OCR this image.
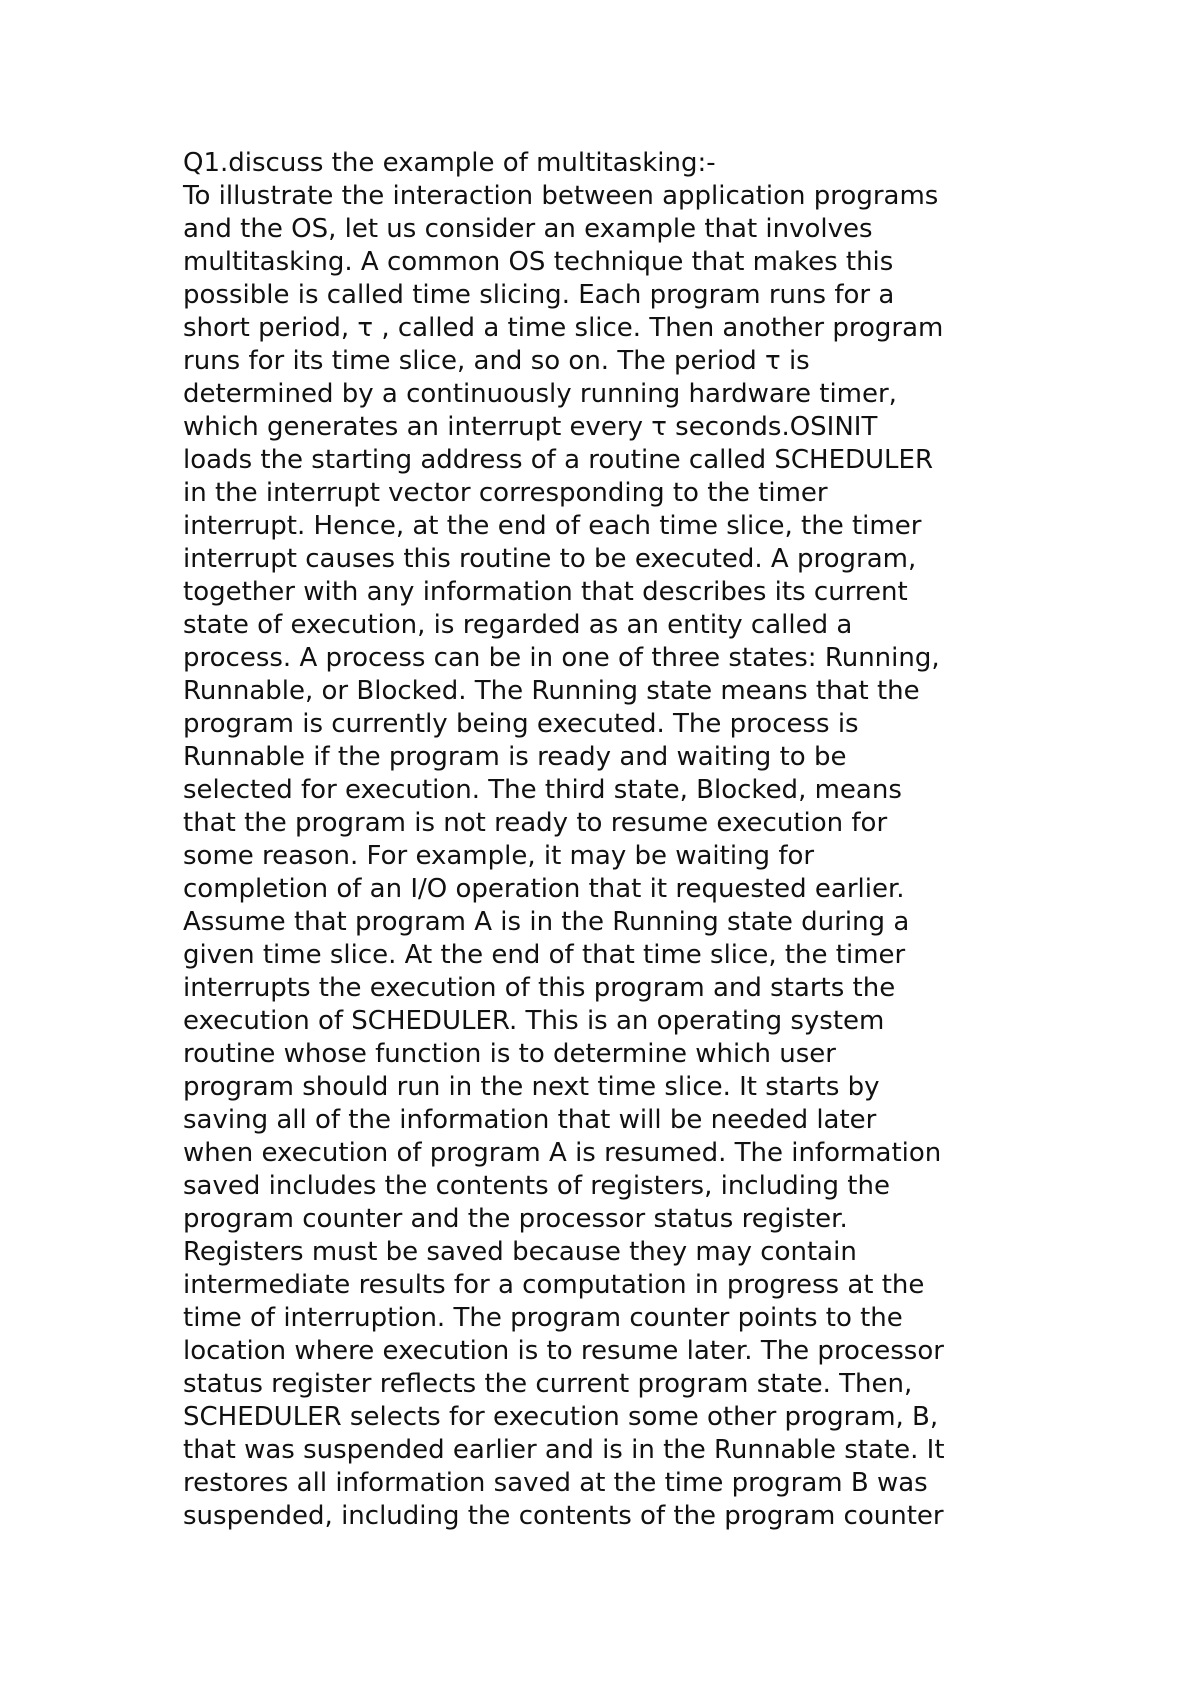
Q1.discuss the example of multitasking:-
To illustrate the interaction between application programs
and the OS, let us consider an example that involves
multitasking. A common OS technique that makes this
possible is called time slicing. Each program runs for a
short period, τ , called a time slice. Then another program
runs for its time slice, and so on. The period τ is
determined by a continuously running hardware timer,
which generates an interrupt every τ seconds.OSINIT
loads the starting address of a routine called SCHEDULER
in the interrupt vector corresponding to the timer
interrupt. Hence, at the end of each time slice, the timer
interrupt causes this routine to be executed. A program,
together with any information that describes its current
state of execution, is regarded as an entity called a
process. A process can be in one of three states: Running,
Runnable, or Blocked. The Running state means that the
program is currently being executed. The process is
Runnable if the program is ready and waiting to be
selected for execution. The third state, Blocked, means
that the program is not ready to resume execution for
some reason. For example, it may be waiting for
completion of an I/O operation that it requested earlier.
Assume that program A is in the Running state during a
given time slice. At the end of that time slice, the timer
interrupts the execution of this program and starts the
execution of SCHEDULER. This is an operating system
routine whose function is to determine which user
program should run in the next time slice. It starts by
saving all of the information that will be needed later
when execution of program A is resumed. The information
saved includes the contents of registers, including the
program counter and the processor status register.
Registers must be saved because they may contain
intermediate results for a computation in progress at the
time of interruption. The program counter points to the
location where execution is to resume later. The processor
status register reflects the current program state. Then,
SCHEDULER selects for execution some other program, B,
that was suspended earlier and is in the Runnable state. It
restores all information saved at the time program B was
suspended, including the contents of the program counter
